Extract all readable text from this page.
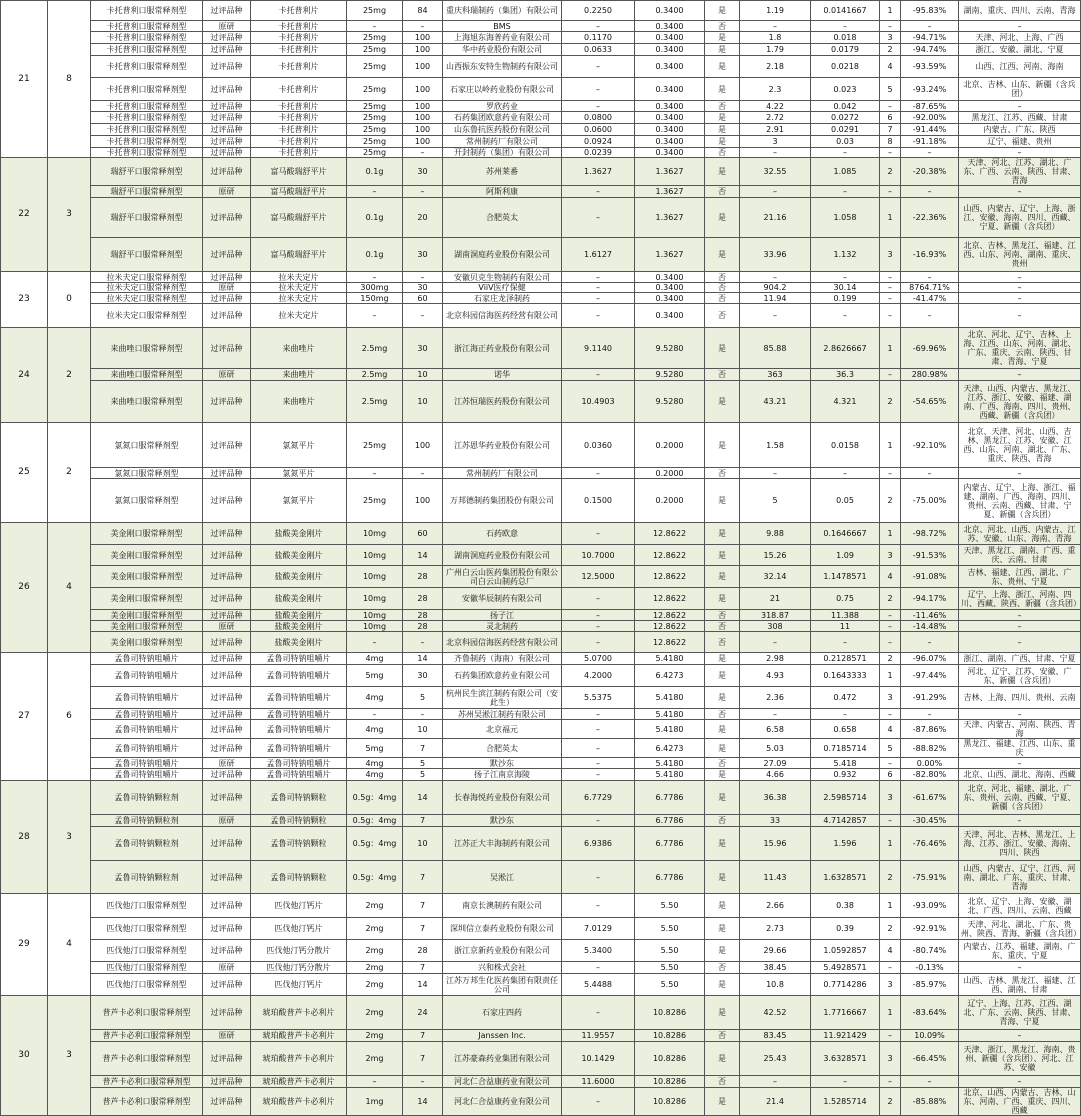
21	8	卡托普利口服常释剂型	过评品种	卡托普利片	25mg	84	重庆科瑞制药（集团）有限公司	0.2250	0.3400	是	1.19	0.0141667	1	-95.83%	湖南、重庆、四川、云南、青海
		卡托普利口服常释剂型	原研	卡托普利片	–	–	BMS	–	0.3400	否	–	–	–	–	–
		卡托普利口服常释剂型	过评品种	卡托普利片	25mg	100	上海旭东海普药业有限公司	0.1170	0.3400	是	1.8	0.018	3	-94.71%	天津、河北、上海、广西
		卡托普利口服常释剂型	过评品种	卡托普利片	25mg	100	华中药业股份有限公司	0.0633	0.3400	是	1.79	0.0179	2	-94.74%	浙江、安徽、湖北、宁夏
		卡托普利口服常释剂型	过评品种	卡托普利片	25mg	100	山西振东安特生物制药有限公司	–	0.3400	是	2.18	0.0218	4	-93.59%	山西、江西、河南、海南
		卡托普利口服常释剂型	过评品种	卡托普利片	25mg	100	石家庄以岭药业股份有限公司	–	0.3400	是	2.3	0.023	5	-93.24%	北京、吉林、山东、新疆（含兵团）
		卡托普利口服常释剂型	过评品种	卡托普利片	25mg	100	罗欣药业	–	0.3400	否	4.22	0.042	–	-87.65%	–
		卡托普利口服常释剂型	过评品种	卡托普利片	25mg	100	石药集团欧意药业有限公司	0.0800	0.3400	是	2.72	0.0272	6	-92.00%	黑龙江、江苏、西藏、甘肃
		卡托普利口服常释剂型	过评品种	卡托普利片	25mg	100	山东鲁抗医药股份有限公司	0.0600	0.3400	是	2.91	0.0291	7	-91.44%	内蒙古、广东、陕西
		卡托普利口服常释剂型	过评品种	卡托普利片	25mg	100	常州制药厂有限公司	0.0924	0.3400	是	3	0.03	8	-91.18%	辽宁、福建、贵州
		卡托普利口服常释剂型	过评品种	卡托普利片	25mg	–	开封制药（集团）有限公司	0.0239	0.3400	否	–	–	–	–	–
22	3	瑞舒平口服常释剂型	过评品种	富马酸瑞舒平片	0.1g	30	苏州莱番	1.3627	1.3627	是	32.55	1.085	2	-20.38%	天津、河北、江苏、湖北、广东、广西、云南、陕西、甘肃、青海
		瑞舒平口服常释剂型	原研	富马酸瑞舒平片	–	–	阿斯利康	–	1.3627	否	–	–	–	–	–
		瑞舒平口服常释剂型	过评品种	富马酸瑞舒平片	0.1g	20	合肥英太	–	1.3627	是	21.16	1.058	1	-22.36%	山西、内蒙古、辽宁、上海、浙江、安徽、海南、四川、西藏、宁夏、新疆（含兵团）
		瑞舒平口服常释剂型	过评品种	富马酸瑞舒平片	0.1g	30	湖南洞庭药业股份有限公司	1.6127	1.3627	是	33.96	1.132	3	-16.93%	北京、吉林、黑龙江、福建、江西、山东、河南、湖南、重庆、贵州
23	0	拉米夫定口服常释剂型	过评品种	拉米夫定片	–	–	安徽贝克生物制药有限公司	–	0.3400	否	–	–	–	–	–
		拉米夫定口服常释剂型	原研	拉米夫定片	300mg	30	ViiV医疗保健	–	0.3400	否	904.2	30.14	–	8764.71%	–
		拉米夫定口服常释剂型	过评品种	拉米夫定片	150mg	60	石家庄龙泽制药	–	0.3400	否	11.94	0.199	–	-41.47%	–
		拉米夫定口服常释剂型	过评品种	拉米夫定片	–	–	北京科园信海医药经营有限公司	–	0.3400	否	–	–	–	–	–
24	2	来曲唑口服常释剂型	过评品种	来曲唑片	2.5mg	30	浙江海正药业股份有限公司	9.1140	9.5280	是	85.88	2.8626667	1	-69.96%	北京、河北、辽宁、吉林、上海、江西、山东、河南、湖北、广东、重庆、云南、陕西、甘肃、青海、宁夏
		来曲唑口服常释剂型	原研	来曲唑片	2.5mg	10	诺华	–	9.5280	否	363	36.3	–	280.98%	–
		来曲唑口服常释剂型	过评品种	来曲唑片	2.5mg	10	江苏恒瑞医药股份有限公司	10.4903	9.5280	是	43.21	4.321	2	-54.65%	天津、山西、内蒙古、黑龙江、江苏、浙江、安徽、福建、湖南、广西、海南、四川、贵州、西藏、新疆（含兵团）
25	2	氯氮口服常释剂型	过评品种	氯氮平片	25mg	100	江苏恩华药业股份有限公司	0.0360	0.2000	是	1.58	0.0158	1	-92.10%	北京、天津、河北、山西、吉林、黑龙江、江苏、安徽、江西、山东、河南、湖北、广东、重庆、陕西、青海
		氯氮口服常释剂型	过评品种	氯氮平片	–	–	常州制药厂有限公司	–	0.2000	否	–	–	–	–	–
		氯氮口服常释剂型	过评品种	氯氮平片	25mg	100	万邦德制药集团股份有限公司	0.1500	0.2000	是	5	0.05	2	-75.00%	内蒙古、辽宁、上海、浙江、福建、湖南、广西、海南、四川、贵州、云南、西藏、甘肃、宁夏、新疆（含兵团）
26	4	美金刚口服常释剂型	过评品种	盐酸美金刚片	10mg	60	石药欧意	–	12.8622	是	9.88	0.1646667	1	-98.72%	北京、河北、山西、内蒙古、江苏、安徽、山东、海南、青海
		美金刚口服常释剂型	过评品种	盐酸美金刚片	10mg	14	湖南洞庭药业股份有限公司	10.7000	12.8622	是	15.26	1.09	3	-91.53%	天津、黑龙江、湖南、广西、重庆、云南、甘肃
		美金刚口服常释剂型	过评品种	盐酸美金刚片	10mg	28	广州白云山医药集团股份有限公司白云山制药总厂	12.5000	12.8622	是	32.14	1.1478571	4	-91.08%	吉林、福建、江西、湖北、广东、贵州、宁夏
		美金刚口服常释剂型	过评品种	盐酸美金刚片	10mg	28	安徽华辰制药有限公司	–	12.8622	是	21	0.75	2	-94.17%	辽宁、上海、浙江、河南、四川、西藏、陕西、新疆（含兵团）
		美金刚口服常释剂型	过评品种	盐酸美金刚片	10mg	28	扬子江	–	12.8622	否	318.87	11.388	–	-11.46%	–
		美金刚口服常释剂型	原研	盐酸美金刚片	10mg	28	灵北制药	–	12.8622	否	308	11	–	-14.48%	–
		美金刚口服常释剂型	过评品种	盐酸美金刚片	–	–	北京科园信海医药经营有限公司	–	12.8622	否	–	–	–	–	–
27	6	孟鲁司特钠咀嚼片	过评品种	孟鲁司特钠咀嚼片	4mg	14	齐鲁制药（海南）有限公司	5.0700	5.4180	是	2.98	0.2128571	2	-96.07%	浙江、湖南、广西、甘肃、宁夏
		孟鲁司特钠咀嚼片	过评品种	孟鲁司特钠咀嚼片	5mg	30	石药集团欧意药业有限公司	4.2000	6.4273	是	4.93	0.1643333	1	-97.44%	河北、辽宁、江苏、安徽、广东、新疆（含兵团）
		孟鲁司特钠咀嚼片	过评品种	孟鲁司特钠咀嚼片	4mg	5	杭州民生滨江制药有限公司（安此生）	5.5375	5.4180	是	2.36	0.472	3	-91.29%	吉林、上海、四川、贵州、云南
		孟鲁司特钠咀嚼片	过评品种	孟鲁司特钠咀嚼片	–	–	苏州吴淞江制药有限公司	–	5.4180	否	–	–	–	–	–
		孟鲁司特钠咀嚼片	过评品种	孟鲁司特钠咀嚼片	4mg	10	北京福元	–	5.4180	是	6.58	0.658	4	-87.86%	天津、内蒙古、河南、陕西、青海
		孟鲁司特钠咀嚼片	过评品种	孟鲁司特钠咀嚼片	5mg	7	合肥英太	–	6.4273	是	5.03	0.7185714	5	-88.82%	黑龙江、福建、江西、山东、重庆
		孟鲁司特钠咀嚼片	原研	孟鲁司特钠咀嚼片	4mg	5	默沙东	–	5.4180	否	27.09	5.418	–	0.00%	–
		孟鲁司特钠咀嚼片	过评品种	孟鲁司特钠咀嚼片	4mg	5	扬子江南京海陵	–	5.4180	是	4.66	0.932	6	-82.80%	北京、山西、湖北、海南、西藏
28	3	孟鲁司特钠颗粒剂	过评品种	孟鲁司特钠颗粒	0.5g：4mg	14	长春海悦药业股份有限公司	6.7729	6.7786	是	36.38	2.5985714	3	-61.67%	北京、河北、福建、湖北、广东、贵州、云南、西藏、宁夏、新疆（含兵团）
		孟鲁司特钠颗粒剂	原研	孟鲁司特钠颗粒	0.5g：4mg	7	默沙东	–	6.7786	否	33	4.7142857	–	-30.45%	–
		孟鲁司特钠颗粒剂	过评品种	孟鲁司特钠颗粒	0.5g：4mg	10	江苏正大丰海制药有限公司	6.9386	6.7786	是	15.96	1.596	1	-76.46%	天津、河北、吉林、黑龙江、上海、江苏、浙江、安徽、海南、四川、陕西
		孟鲁司特钠颗粒剂	过评品种	孟鲁司特钠颗粒	0.5g：4mg	7	吴淞江	–	6.7786	是	11.43	1.6328571	2	-75.91%	山西、内蒙古、辽宁、江西、河南、湖北、广东、重庆、甘肃、青海
29	4	匹伐他汀口服常释剂型	过评品种	匹伐他汀钙片	2mg	7	南京长澳制药有限公司	–	5.50	是	2.66	0.38	1	-93.09%	北京、辽宁、上海、安徽、湖北、广西、四川、云南、西藏
		匹伐他汀口服常释剂型	过评品种	匹伐他汀钙片	2mg	7	深圳信立泰药业股份有限公司	7.0129	5.50	是	2.73	0.39	2	-92.91%	天津、河北、湖北、广东、贵州、陕西、青海、新疆（含兵团）
		匹伐他汀口服常释剂型	过评品种	匹伐他汀钙分散片	2mg	28	浙江京新药业股份有限公司	5.3400	5.50	是	29.66	1.0592857	4	-80.74%	内蒙古、江苏、福建、湖南、广东、重庆、宁夏
		匹伐他汀口服常释剂型	原研	匹伐他汀钙分散片	2mg	7	兴和株式会社	–	5.50	否	38.45	5.4928571	–	-0.13%	–
		匹伐他汀口服常释剂型	过评品种	匹伐他汀钙片	2mg	14	江苏万邦生化医药集团有限责任公司	5.4488	5.50	是	10.8	0.7714286	3	-85.97%	山西、吉林、黑龙江、福建、江西、湖南、甘肃
30	3	普芦卡必利口服常释剂型	过评品种	琥珀酸普芦卡必利片	2mg	24	石家庄四药	–	10.8286	是	42.52	1.7716667	1	-83.64%	辽宁、上海、江苏、江西、湖北、广东、云南、陕西、甘肃、青海、宁夏
		普芦卡必利口服常释剂型	原研	琥珀酸普芦卡必利片	2mg	7	Janssen Inc.	11.9557	10.8286	否	83.45	11.921429	–	10.09%	–
		普芦卡必利口服常释剂型	过评品种	琥珀酸普芦卡必利片	2mg	7	江苏豪森药业集团有限公司	10.1429	10.8286	是	25.43	3.6328571	3	-66.45%	天津、浙江、黑龙江、海南、贵州、新疆（含兵团）、河北、江苏、安徽
		普芦卡必利口服常释剂型	过评品种	琥珀酸普芦卡必利片	–	–	河北仁合益康药业有限公司	11.6000	10.8286	否	–	–	–	–	–
		普芦卡必利口服常释剂型	过评品种	琥珀酸普芦卡必利片	1mg	14	河北仁合益康药业有限公司	–	10.8286	是	21.4	1.5285714	2	-85.88%	北京、山西、内蒙古、吉林、山东、河南、广西、重庆、四川、西藏
